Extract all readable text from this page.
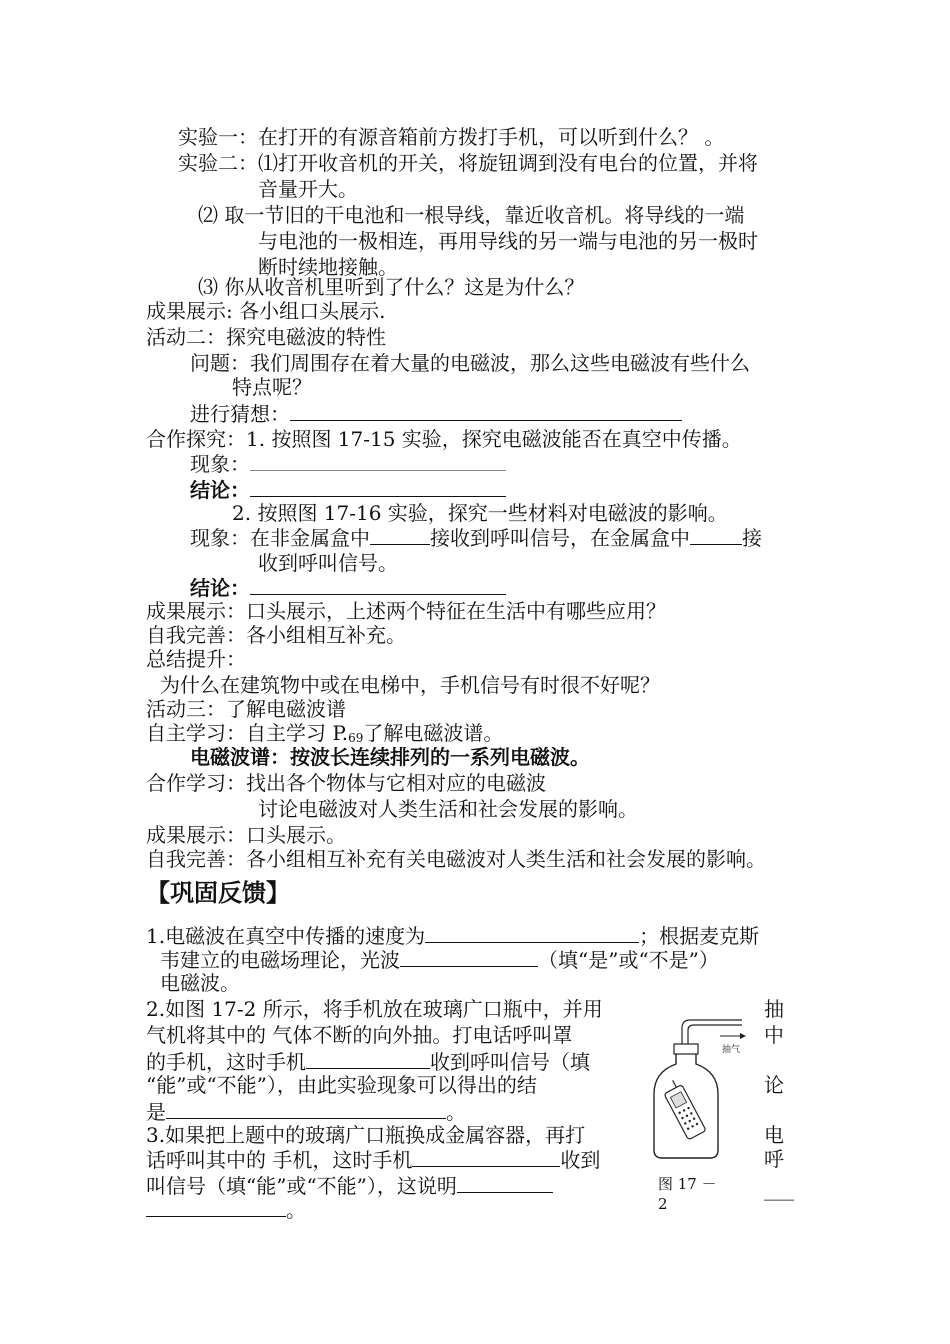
实验一：在打开的有源音箱前方拨打手机，可以听到什么？ 。
实验二：⑴打开收音机的开关，将旋钮调到没有电台的位置，并将
音量开大。
⑵ 取一节旧的干电池和一根导线，靠近收音机。将导线的一端
与电池的一极相连，再用导线的另一端与电池的另一极时
断时续地接触。
⑶ 你从收音机里听到了什么？这是为什么？
成果展示: 各小组口头展示.
活动二：探究电磁波的特性
问题：我们周围存在着大量的电磁波，那么这些电磁波有些什么
特点呢？
进行猜想：
合作探究：1. 按照图 17-15 实验，探究电磁波能否在真空中传播。
现象：
结论：
2. 按照图 17-16 实验，探究一些材料对电磁波的影响。
现象：在非金属盒中	接收到呼叫信号，在金属盒中	接
收到呼叫信号。
结论：
成果展示：口头展示，上述两个特征在生活中有哪些应用？
自我完善：各小组相互补充。
总结提升：
为什么在建筑物中或在电梯中，手机信号有时很不好呢？
活动三：了解电磁波谱
自主学习：自主学习 P.69了解电磁波谱。
电磁波谱：按波长连续排列的一系列电磁波。
合作学习：找出各个物体与它相对应的电磁波
讨论电磁波对人类生活和社会发展的影响。
成果展示：口头展示。
自我完善：各小组相互补充有关电磁波对人类生活和社会发展的影响。
【巩固反馈】
1.电磁波在真空中传播的速度为	；根据麦克斯
韦建立的电磁场理论，光波	（填“是”或“不是”）
电磁波。
2.如图 17-2 所示，将手机放在玻璃广口瓶中，并用
气机将其中的 气体不断的向外抽。打电话呼叫罩
的手机，这时手机	收到呼叫信号（填
“能”或“不能”），由此实验现象可以得出的结
是	。
3.如果把上题中的玻璃广口瓶换成金属容器，再打
话呼叫其中的 手机，这时手机	收到
叫信号（填“能”或“不能”），这说明
。
抽
中
论
电
呼
___
抽气
图 17 －
2
